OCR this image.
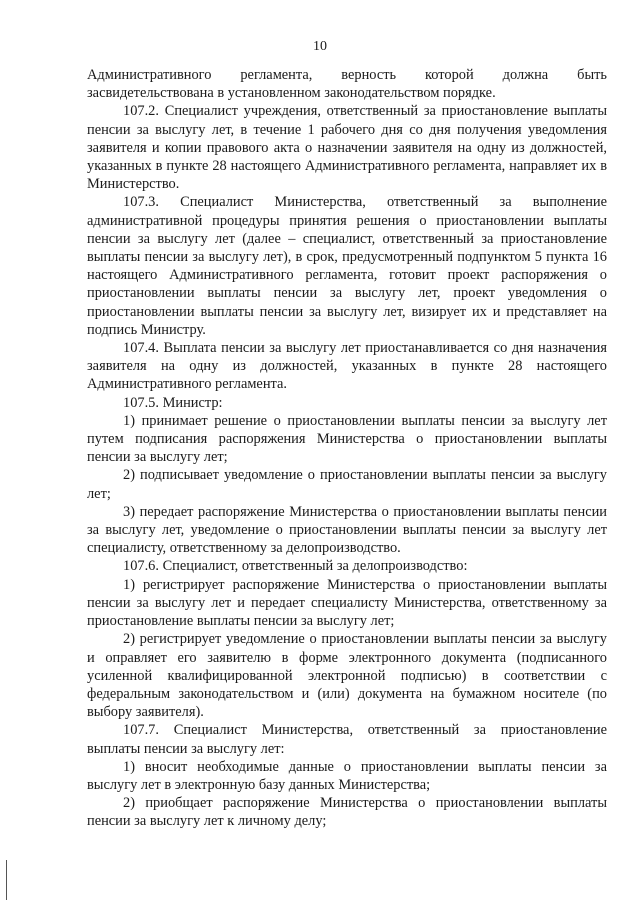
10

Административного регламента, верность которой должна быть засвидетельствована в установленном законодательством порядке.

107.2. Специалист учреждения, ответственный за приостановление выплаты пенсии за выслугу лет, в течение 1 рабочего дня со дня получения уведомления заявителя и копии правового акта о назначении заявителя на одну из должностей, указанных в пункте 28 настоящего Административного регламента, направляет их в Министерство.

107.3. Специалист Министерства, ответственный за выполнение административной процедуры принятия решения о приостановлении выплаты пенсии за выслугу лет (далее – специалист, ответственный за приостановление выплаты пенсии за выслугу лет), в срок, предусмотренный подпунктом 5 пункта 16 настоящего Административного регламента, готовит проект распоряжения о приостановлении выплаты пенсии за выслугу лет, проект уведомления о приостановлении выплаты пенсии за выслугу лет, визирует их и представляет на подпись Министру.

107.4. Выплата пенсии за выслугу лет приостанавливается со дня назначения заявителя на одну из должностей, указанных в пункте 28 настоящего Административного регламента.

107.5. Министр:

1) принимает решение о приостановлении выплаты пенсии за выслугу лет путем подписания распоряжения Министерства о приостановлении выплаты пенсии за выслугу лет;

2) подписывает уведомление о приостановлении выплаты пенсии за выслугу лет;

3) передает распоряжение Министерства о приостановлении выплаты пенсии за выслугу лет, уведомление о приостановлении выплаты пенсии за выслугу лет специалисту, ответственному за делопроизводство.

107.6. Специалист, ответственный за делопроизводство:

1) регистрирует распоряжение Министерства о приостановлении выплаты пенсии за выслугу лет и передает специалисту Министерства, ответственному за приостановление выплаты пенсии за выслугу лет;

2) регистрирует уведомление о приостановлении выплаты пенсии за выслугу и оправляет его заявителю в форме электронного документа (подписанного усиленной квалифицированной электронной подписью) в соответствии с федеральным законодательством и (или) документа на бумажном носителе (по выбору заявителя).

107.7. Специалист Министерства, ответственный за приостановление выплаты пенсии за выслугу лет:

1) вносит необходимые данные о приостановлении выплаты пенсии за выслугу лет в электронную базу данных Министерства;

2) приобщает распоряжение Министерства о приостановлении выплаты пенсии за выслугу лет к личному делу;
